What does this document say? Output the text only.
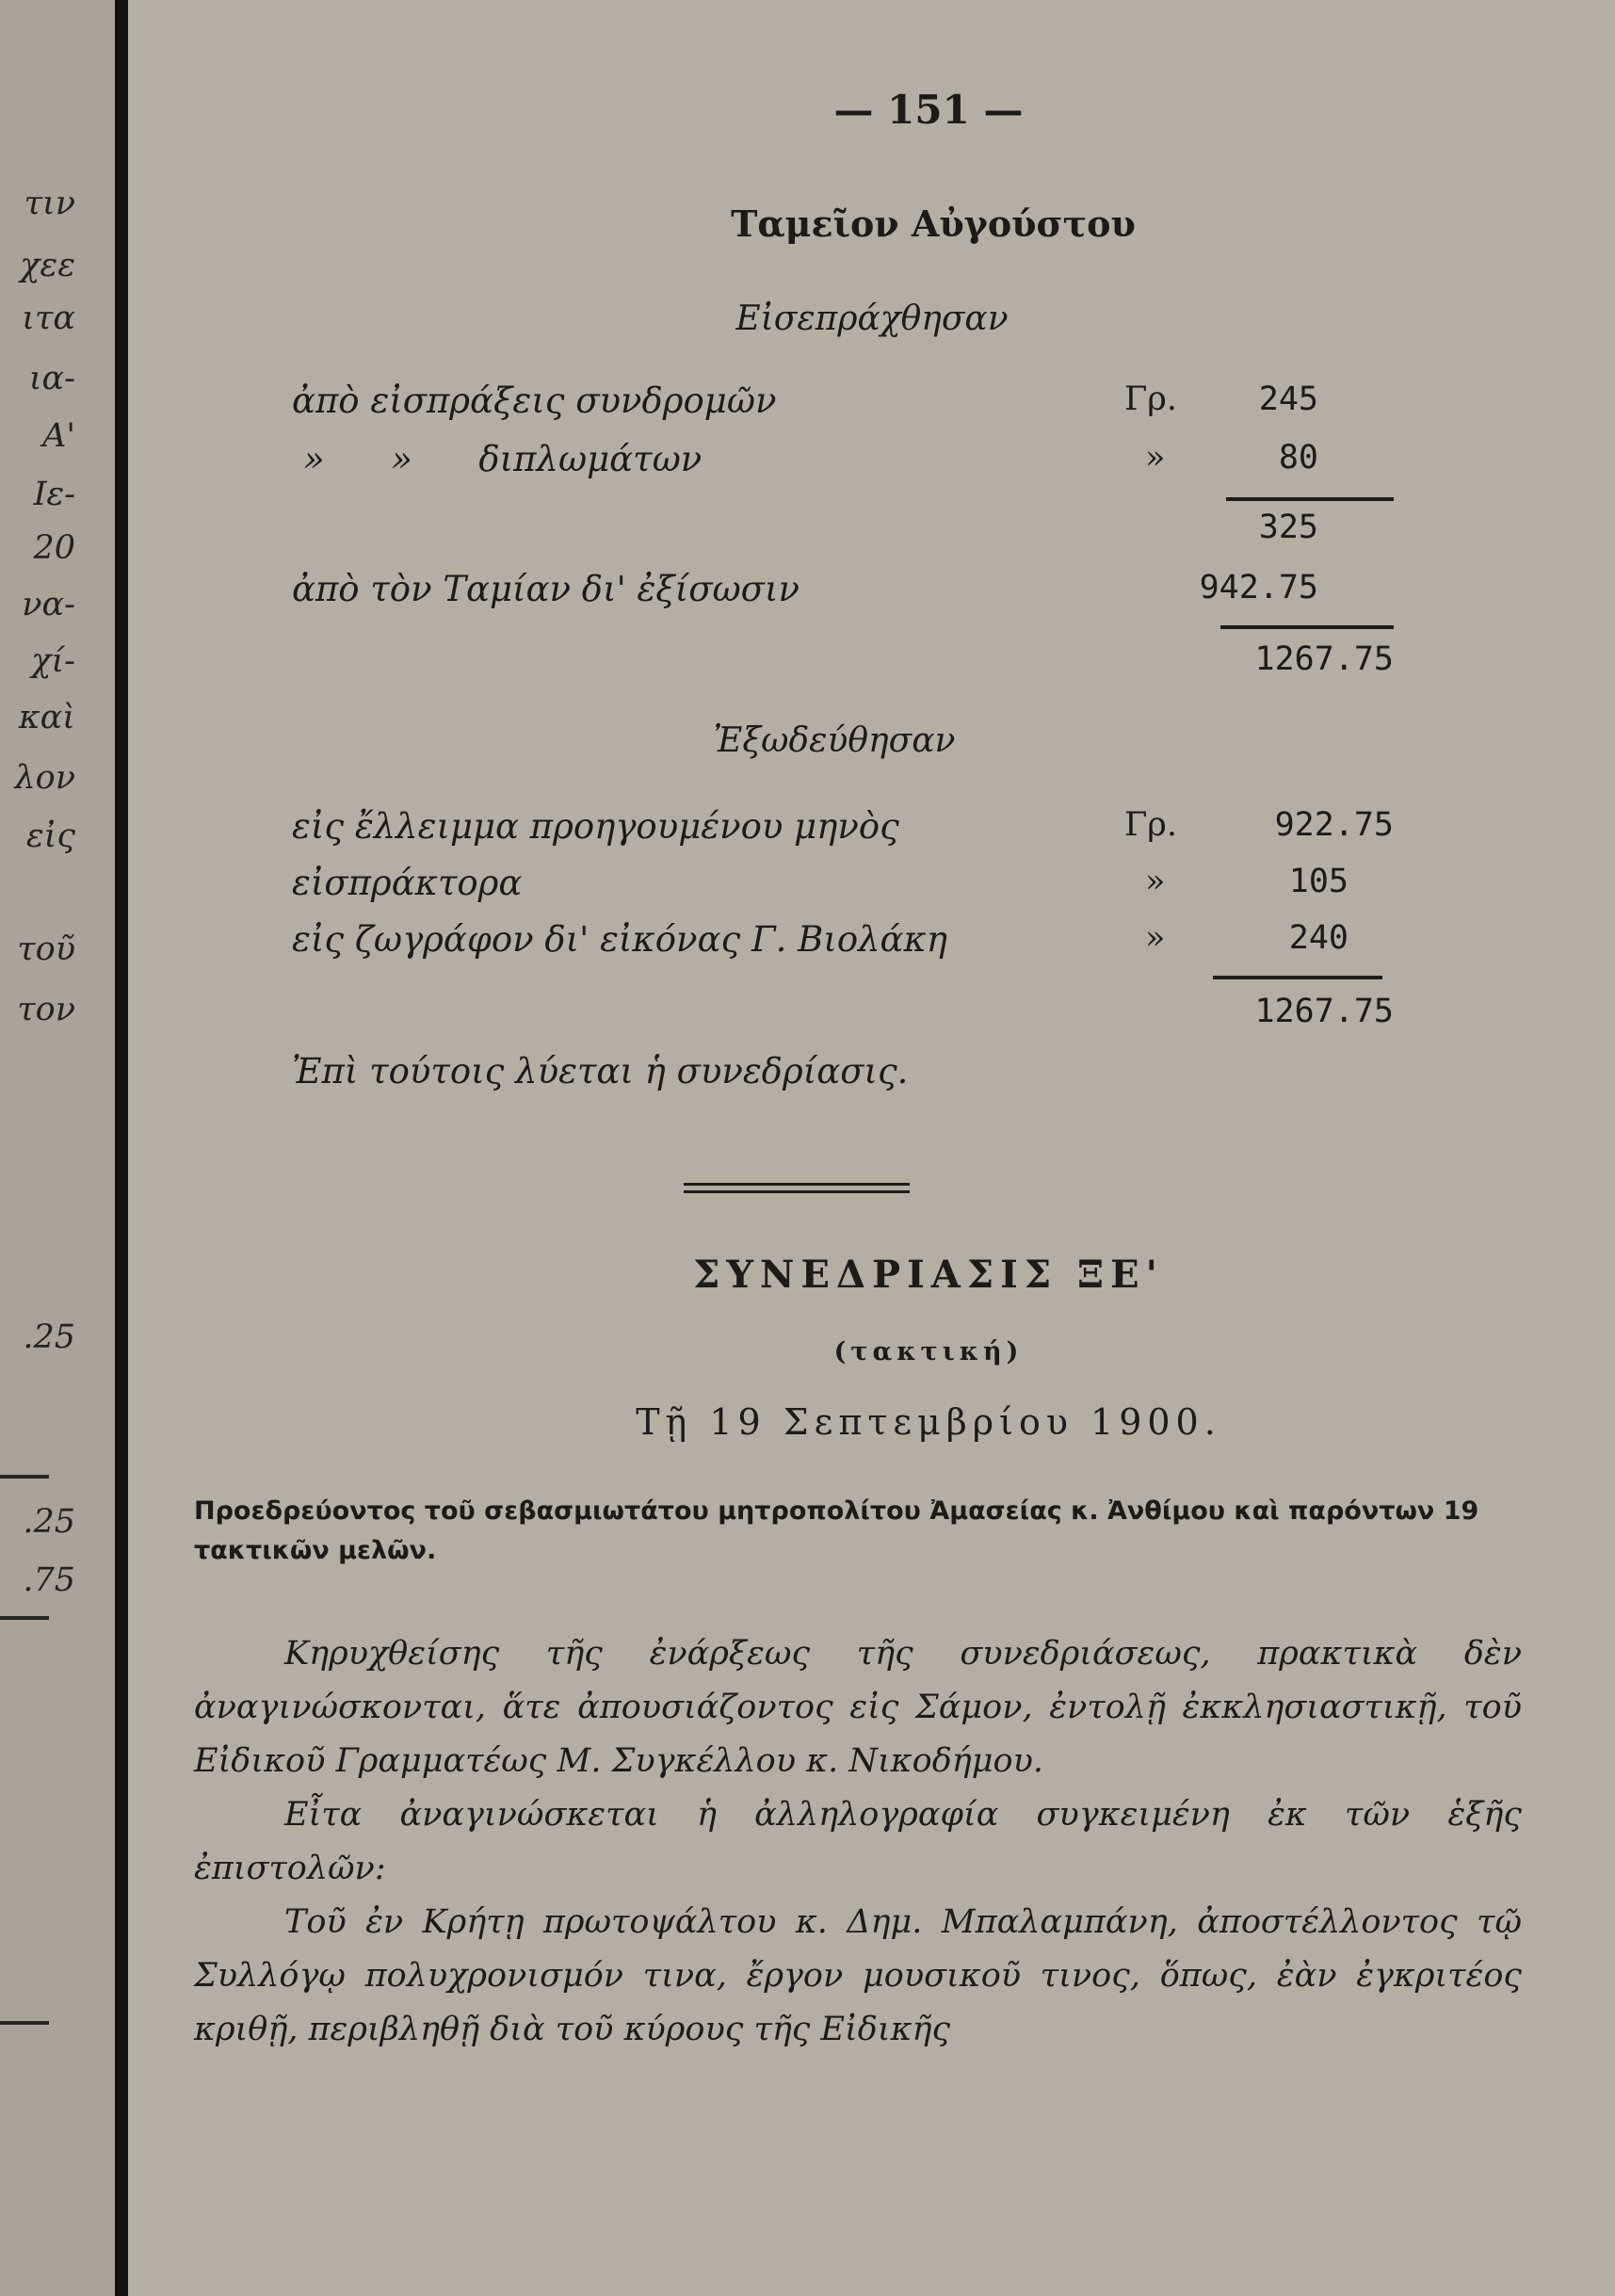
τιν
χεε
ιτα
ια-
Α'
Ιε-
20
να-
χί-
καὶ
λον
εἰς
τοῦ
τον
.25
.25
.75
— 151 —
Ταμεῖον Αὐγούστου
Εἰσεπράχθησαν
ἀπὸ εἰσπράξεις συνδρομῶν	Γρ.	245
»      »      διπλωμάτων	»	80
325
ἀπὸ τὸν Ταμίαν δι' ἐξίσωσιν	942.75
1267.75
Ἐξωδεύθησαν
εἰς ἔλλειμμα προηγουμένου μηνὸς	Γρ.	922.75
εἰσπράκτορα	»	105
εἰς ζωγράφον δι' εἰκόνας Γ. Βιολάκη	»	240
1267.75
Ἐπὶ τούτοις λύεται ἡ συνεδρίασις.
ΣΥΝΕΔΡΙΑΣΙΣ ΞΕ'
(τακτική)
Τῇ 19 Σεπτεμβρίου 1900.
Προεδρεύοντος τοῦ σεβασμιωτάτου μητροπολίτου Ἀμασείας κ. Ἀνθίμου καὶ παρόντων 19 τακτικῶν μελῶν.

Κηρυχθείσης τῆς ἐνάρξεως τῆς συνεδριάσεως, πρακτικὰ δὲν ἀναγινώσκονται, ἅτε ἀπουσιάζοντος εἰς Σάμον, ἐντολῇ ἐκκλησιαστικῇ, τοῦ Εἰδικοῦ Γραμματέως Μ. Συγκέλλου κ. Νικοδήμου.

Εἶτα ἀναγινώσκεται ἡ ἀλληλογραφία συγκειμένη ἐκ τῶν ἑξῆς ἐπιστολῶν:

Τοῦ ἐν Κρήτῃ πρωτοψάλτου κ. Δημ. Μπαλαμπάνη, ἀποστέλλοντος τῷ Συλλόγῳ πολυχρονισμόν τινα, ἔργον μουσικοῦ τινος, ὅπως, ἐὰν ἐγκριτέος κριθῇ, περιβληθῇ διὰ τοῦ κύρους τῆς Εἰδικῆς
